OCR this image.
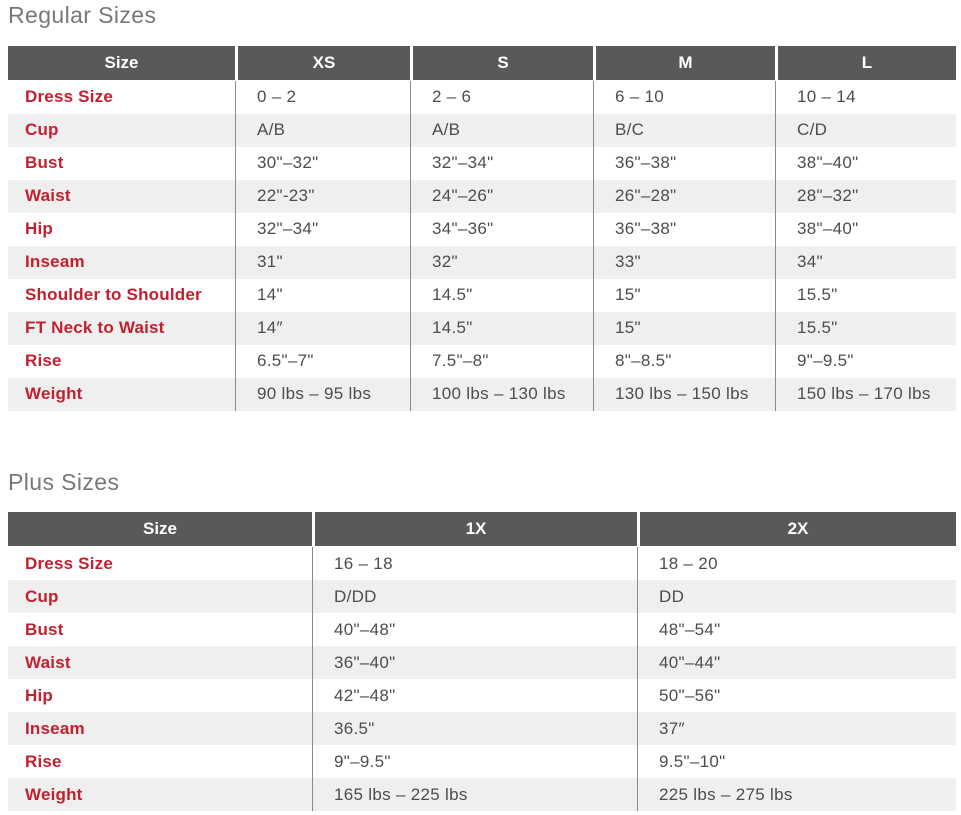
Regular Sizes
Size	XS	S	M	L
Dress Size	0 – 2	2 – 6	6 – 10	10 – 14
Cup	A/B	A/B	B/C	C/D
Bust	30"–32"	32"–34"	36"–38"	38"–40"
Waist	22"-23"	24"–26"	26"–28"	28"–32"
Hip	32"–34"	34"–36"	36"–38"	38"–40"
Inseam	31"	32"	33"	34"
Shoulder to Shoulder	14"	14.5"	15"	15.5"
FT Neck to Waist	14″	14.5"	15"	15.5"
Rise	6.5"–7"	7.5"–8"	8"–8.5"	9"–9.5"
Weight	90 lbs – 95 lbs	100 lbs – 130 lbs	130 lbs – 150 lbs	150 lbs – 170 lbs
Plus Sizes
Size	1X	2X
Dress Size	16 – 18	18 – 20
Cup	D/DD	DD
Bust	40"–48"	48"–54"
Waist	36"–40"	40"–44"
Hip	42"–48"	50"–56"
Inseam	36.5"	37″
Rise	9"–9.5"	9.5"–10"
Weight	165 lbs – 225 lbs	225 lbs – 275 lbs
